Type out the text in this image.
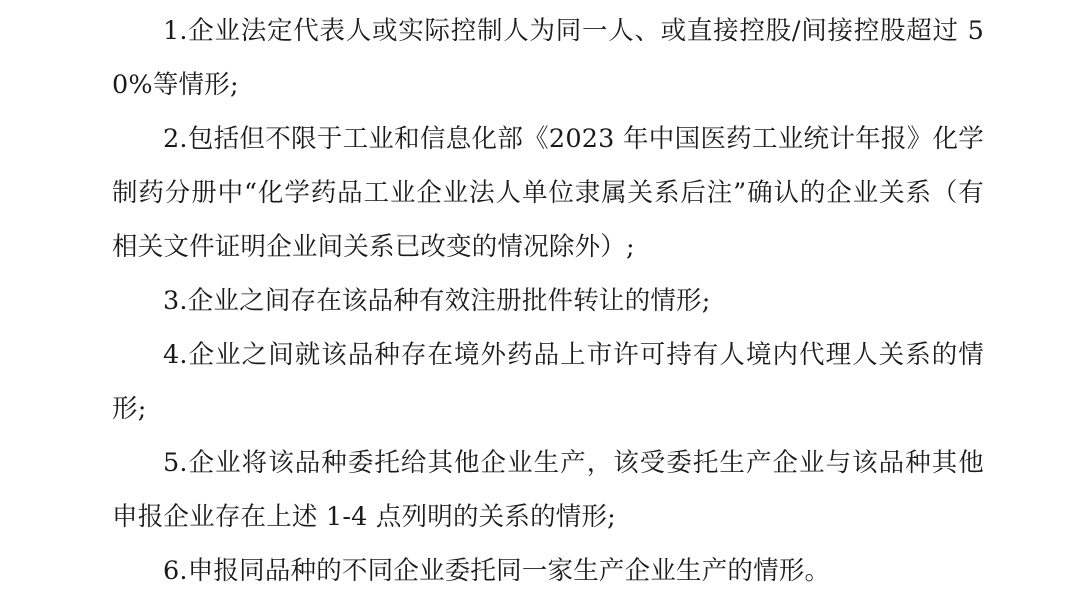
1.企业法定代表人或实际控制人为同一人、或直接控股/间接控股超过 50%等情形;

2.包括但不限于工业和信息化部《2023 年中国医药工业统计年报》化学制药分册中“化学药品工业企业法人单位隶属关系后注”确认的企业关系（有相关文件证明企业间关系已改变的情况除外）;

3.企业之间存在该品种有效注册批件转让的情形;

4.企业之间就该品种存在境外药品上市许可持有人境内代理人关系的情形;

5.企业将该品种委托给其他企业生产，该受委托生产企业与该品种其他申报企业存在上述 1-4 点列明的关系的情形;

6.申报同品种的不同企业委托同一家生产企业生产的情形。
